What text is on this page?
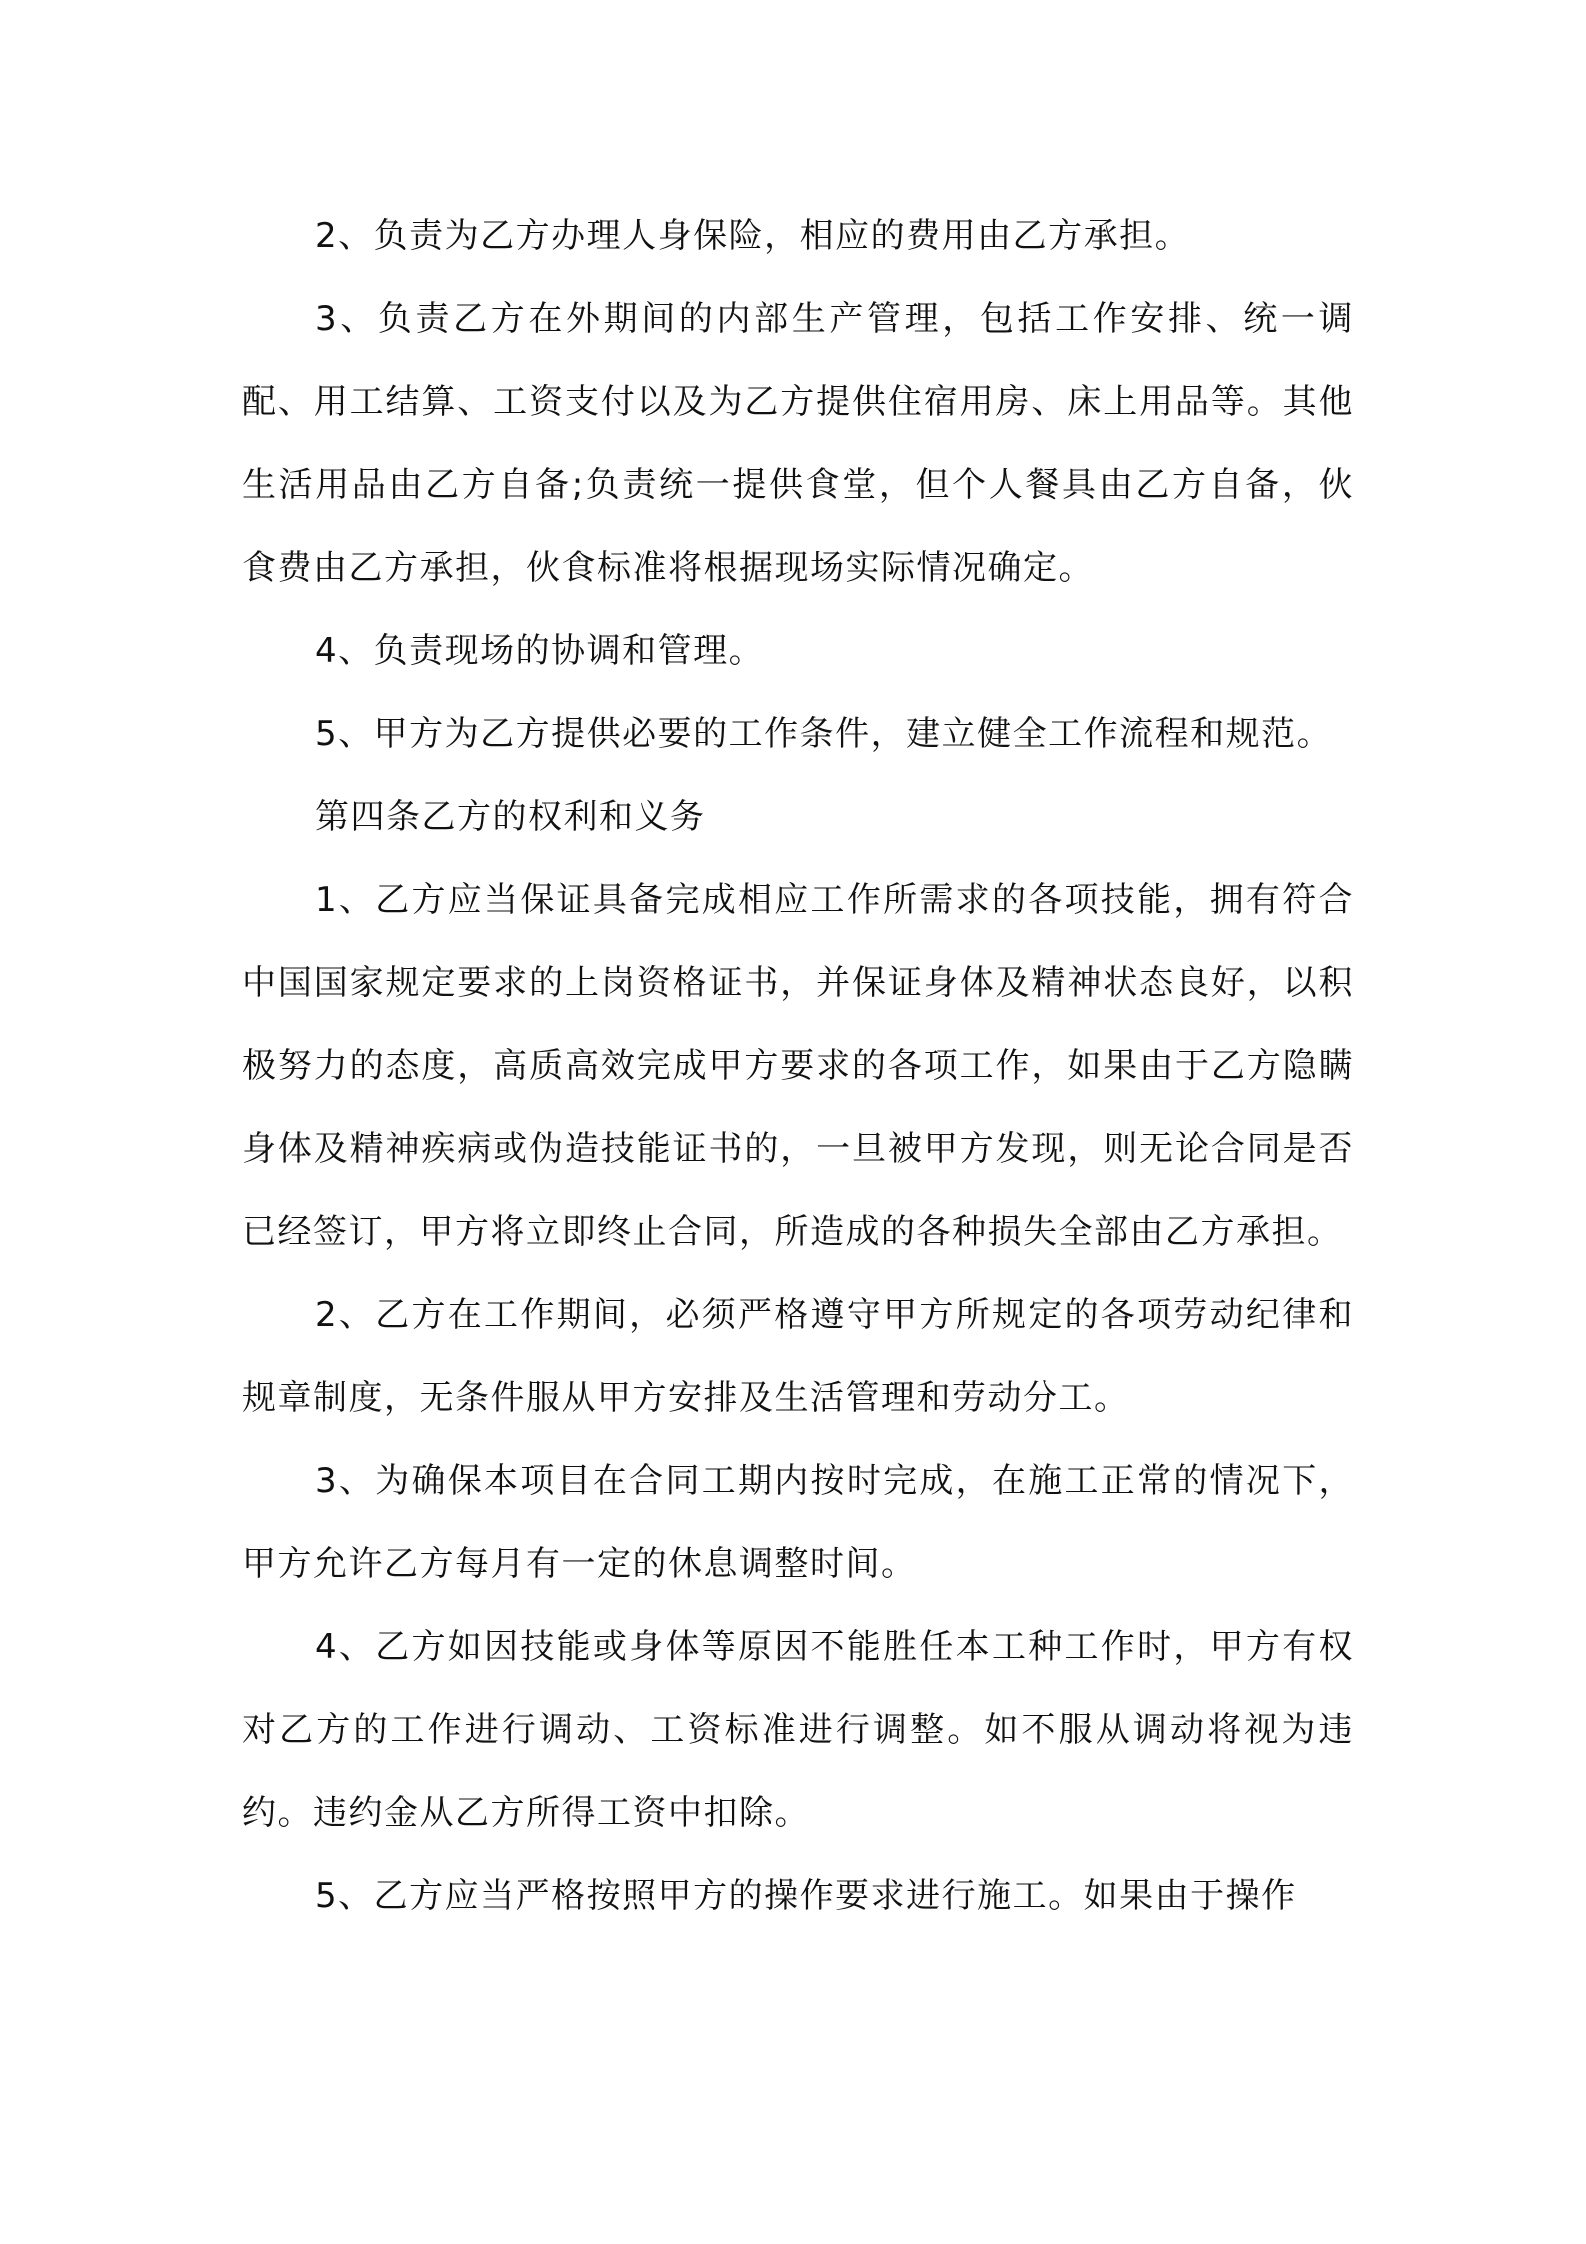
2、负责为乙方办理人身保险，相应的费用由乙方承担。

3、负责乙方在外期间的内部生产管理，包括工作安排、统一调配、用工结算、工资支付以及为乙方提供住宿用房、床上用品等。其他生活用品由乙方自备;负责统一提供食堂，但个人餐具由乙方自备，伙食费由乙方承担，伙食标准将根据现场实际情况确定。

4、负责现场的协调和管理。

5、甲方为乙方提供必要的工作条件，建立健全工作流程和规范。

第四条乙方的权利和义务

1、乙方应当保证具备完成相应工作所需求的各项技能，拥有符合中国国家规定要求的上岗资格证书，并保证身体及精神状态良好，以积极努力的态度，高质高效完成甲方要求的各项工作，如果由于乙方隐瞒身体及精神疾病或伪造技能证书的，一旦被甲方发现，则无论合同是否已经签订，甲方将立即终止合同，所造成的各种损失全部由乙方承担。

2、乙方在工作期间，必须严格遵守甲方所规定的各项劳动纪律和规章制度，无条件服从甲方安排及生活管理和劳动分工。

3、为确保本项目在合同工期内按时完成，在施工正常的情况下，甲方允许乙方每月有一定的休息调整时间。

4、乙方如因技能或身体等原因不能胜任本工种工作时，甲方有权对乙方的工作进行调动、工资标准进行调整。如不服从调动将视为违约。违约金从乙方所得工资中扣除。

5、乙方应当严格按照甲方的操作要求进行施工。如果由于操作
